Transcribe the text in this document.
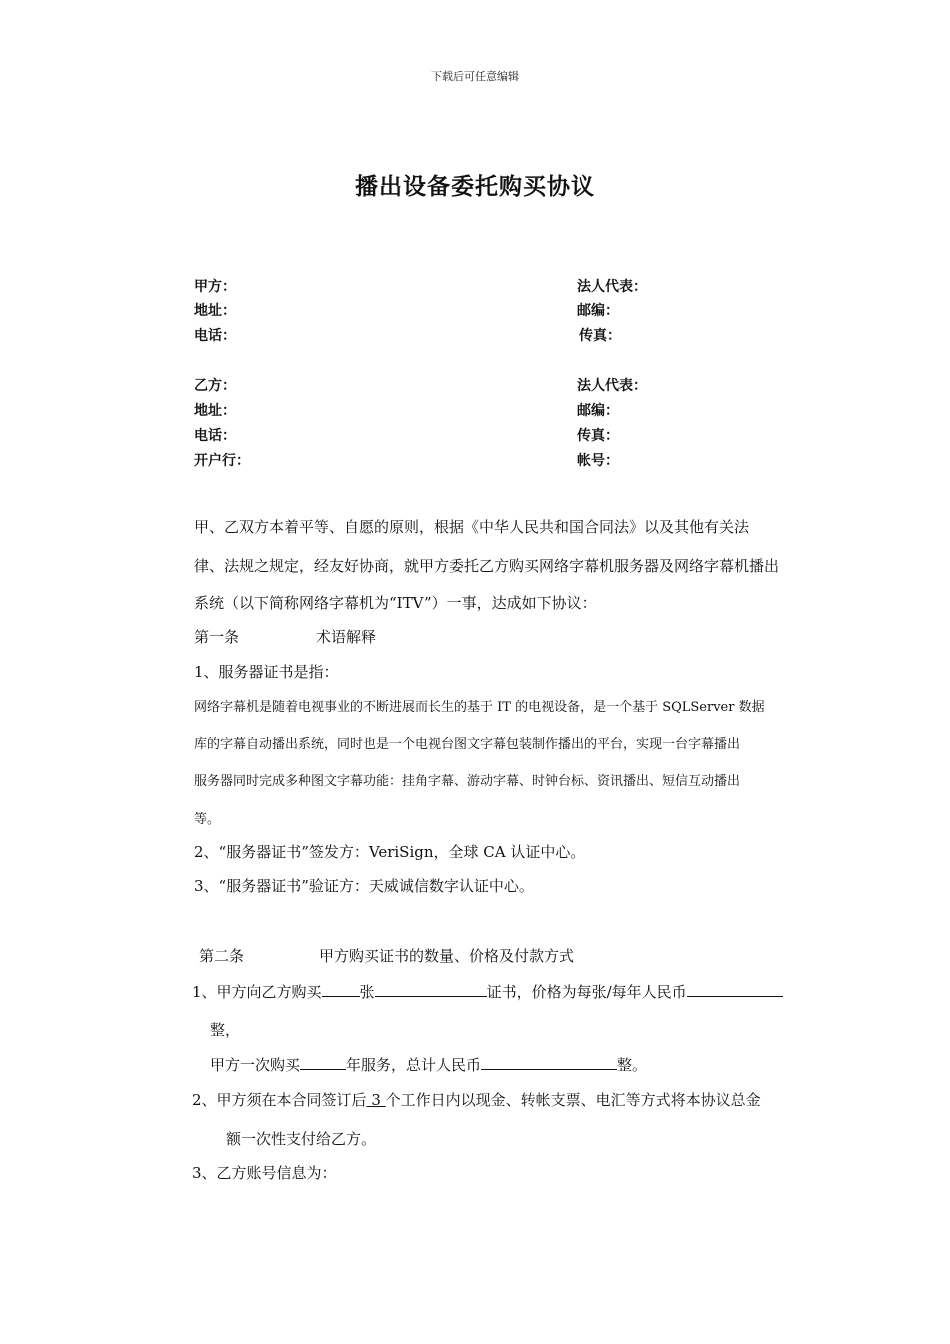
下载后可任意编辑
播出设备委托购买协议
甲方：	法人代表：
地址：	邮编：
电话：	传真：
乙方：	法人代表：
地址：	邮编：
电话：	传真：
开户行：	帐号：
甲、乙双方本着平等、自愿的原则，根据《中华人民共和国合同法》以及其他有关法
律、法规之规定，经友好协商，就甲方委托乙方购买网络字幕机服务器及网络字幕机播出
系统（以下简称网络字幕机为“ITV”）一事，达成如下协议：
第一条	术语解释
1、服务器证书是指：
网络字幕机是随着电视事业的不断进展而长生的基于 IT 的电视设备，是一个基于 SQLServer 数据
库的字幕自动播出系统，同时也是一个电视台图文字幕包装制作播出的平台，实现一台字幕播出
服务器同时完成多种图文字幕功能：挂角字幕、游动字幕、时钟台标、资讯播出、短信互动播出
等。
2、“服务器证书”签发方：VeriSign，全球 CA 认证中心。
3、“服务器证书”验证方：天威诚信数字认证中心。
第二条	甲方购买证书的数量、价格及付款方式
1、甲方向乙方购买	张	证书，价格为每张/每年人民币
整，
甲方一次购买	年服务，总计人民币	整。
2、甲方须在本合同签订后 3 个工作日内以现金、转帐支票、电汇等方式将本协议总金
额一次性支付给乙方。
3、乙方账号信息为：
